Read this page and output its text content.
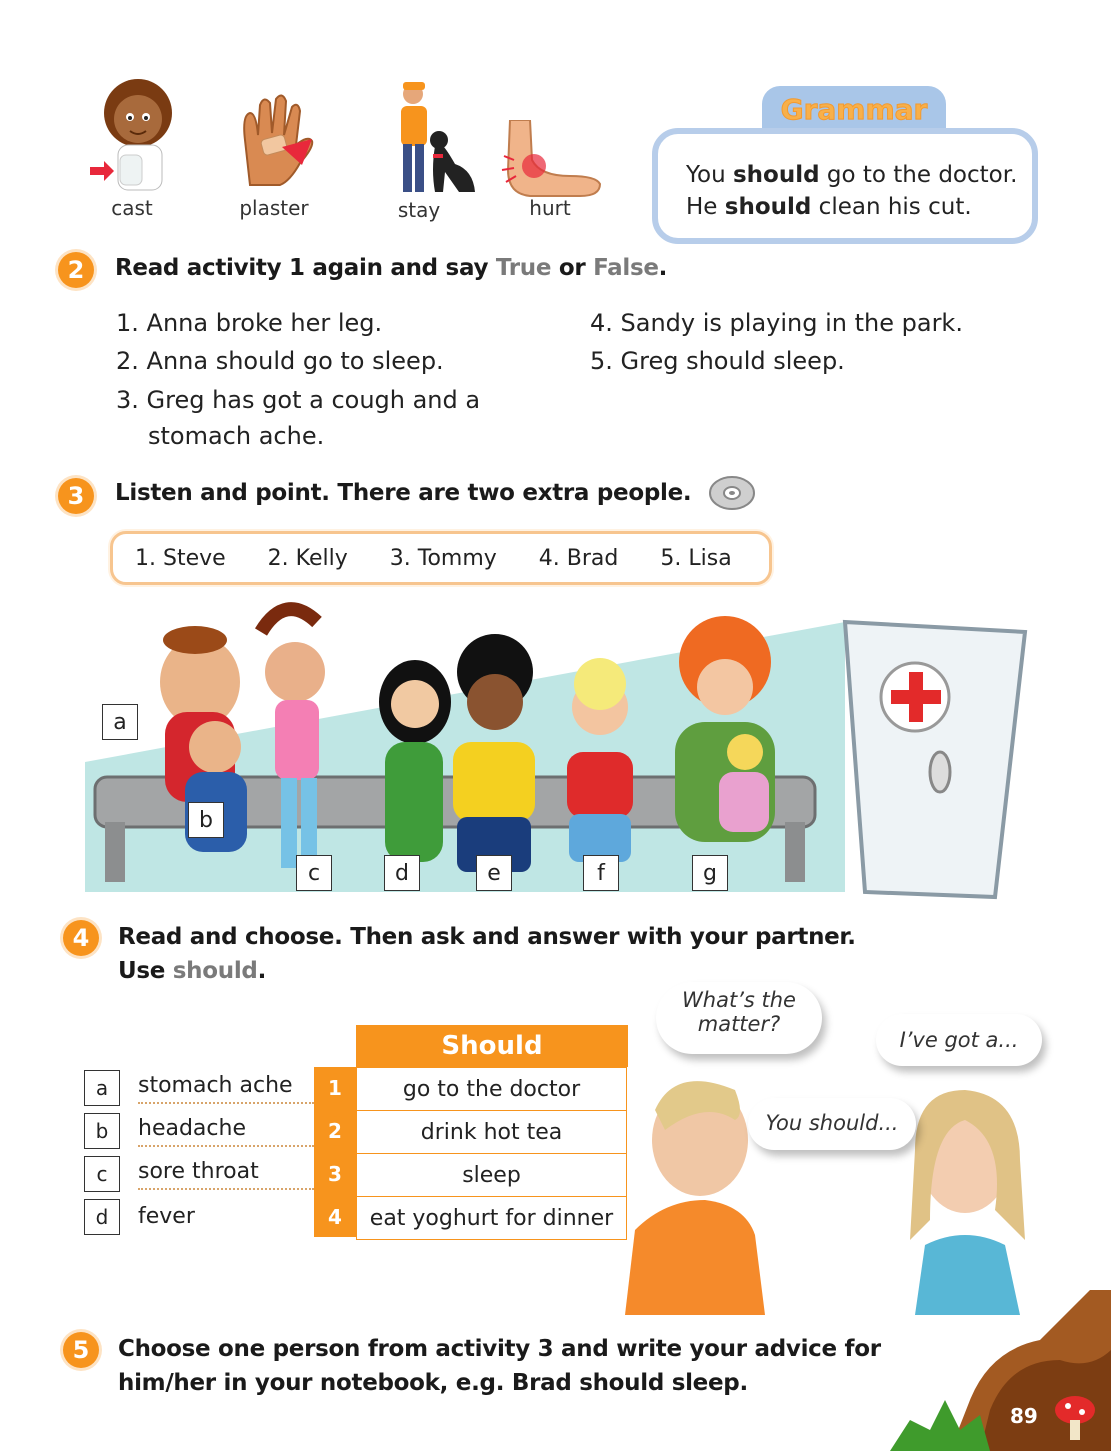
cast	plaster	stay	hurt
Grammar
You should go to the doctor.
He should clean his cut.
2	Read activity 1 again and say True or False.
1. Anna broke her leg.
2. Anna should go to sleep.
3. Greg has got a cough and a
stomach ache.
4. Sandy is playing in the park.
5. Greg should sleep.
3	Listen and point. There are two extra people.
1. Steve 2. Kelly 3. Tommy 4. Brad 5. Lisa
a
b
c	d	e	f	g
4	Read and choose. Then ask and answer with your partner.
Use should.
Should
a	stomach ache	1	go to the doctor
b	headache	2	drink hot tea
c	sore throat	3	sleep
d	fever	4	eat yoghurt for dinner
What’s the
matter?
I’ve got a...
You should...
5	Choose one person from activity 3 and write your advice for
him/her in your notebook, e.g. Brad should sleep.
89
